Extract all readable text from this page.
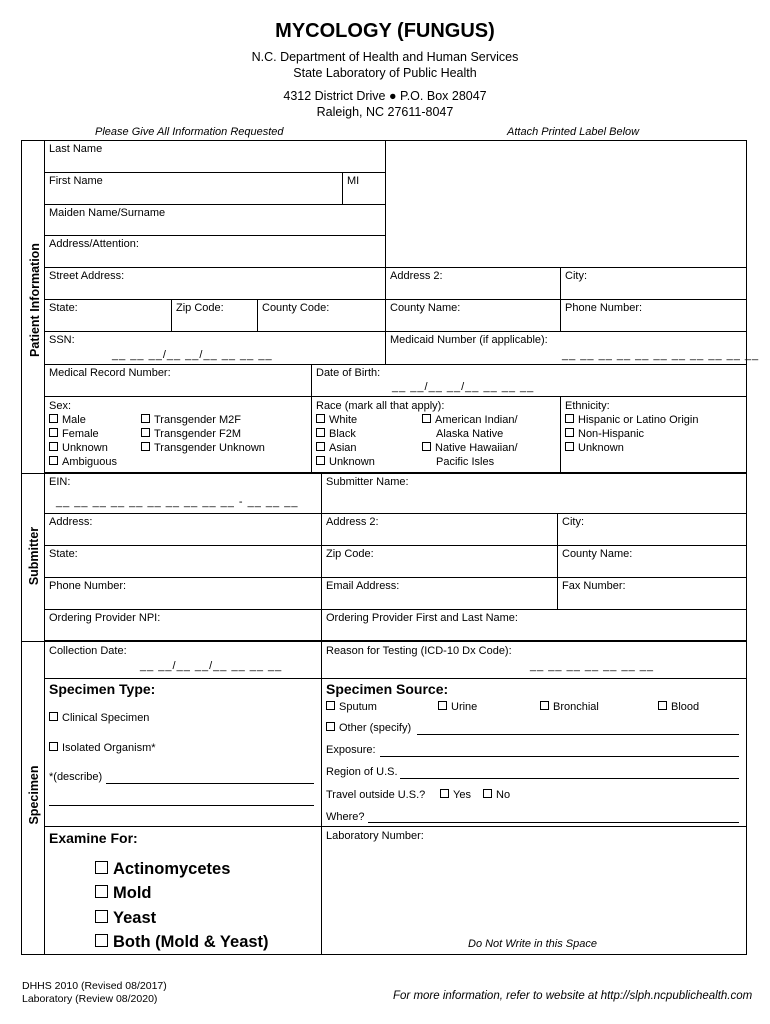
MYCOLOGY (FUNGUS)
N.C. Department of Health and Human Services
State Laboratory of Public Health
4312 District Drive ● P.O. Box 28047
Raleigh, NC 27611-8047
Please Give All Information Requested	Attach Printed Label Below
Patient Information
Submitter
Specimen
Last Name
First Name	MI
Maiden Name/Surname
Address/Attention:
Street Address:	Address 2:	City:
State:	Zip Code:	County Code:	County Name:	Phone Number:
SSN:
__ __ __/__ __/__ __ __ __
Medicaid Number (if applicable):
__ __ __ __ __ __ __ __ __ __ __
Medical Record Number:	Date of Birth:
__ __/__ __/__ __ __ __
Sex:
Male
Female
Unknown
Ambiguous
Transgender M2F
Transgender F2M
Transgender Unknown
Race (mark all that apply):
White
Black
Asian
Unknown
American Indian/
Alaska Native
Native Hawaiian/
Pacific Isles
Ethnicity:
Hispanic or Latino Origin
Non-Hispanic
Unknown
EIN:
__ __ __ __ __ __ __ __ __ __ - __ __ __
Submitter Name:
Address:	Address 2:	City:
State:	Zip Code:	County Name:
Phone Number:	Email Address:	Fax Number:
Ordering Provider NPI:	Ordering Provider First and Last Name:
Collection Date:
__ __/__ __/__ __ __ __
Reason for Testing (ICD-10 Dx Code):
__ __ __ __ __ __ __
Specimen Type:
Clinical Specimen
Isolated Organism*
*(describe)
Specimen Source:
Sputum	Urine	Bronchial	Blood
Other (specify)
Exposure:
Region of U.S.
Travel outside U.S.?	Yes	No
Where?
Examine For:
Actinomycetes
Mold
Yeast
Both (Mold & Yeast)
Laboratory Number:
Do Not Write in this Space
DHHS 2010 (Revised 08/2017)
Laboratory (Review 08/2020)	For more information, refer to website at http://slph.ncpublichealth.com
